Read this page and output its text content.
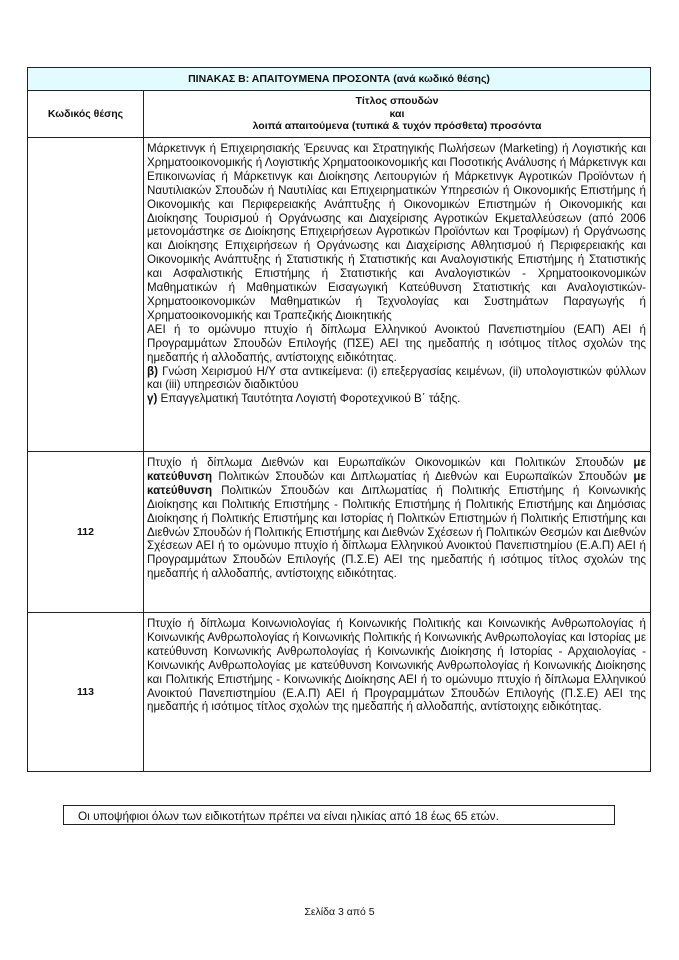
ΠΙΝΑΚΑΣ Β: ΑΠΑΙΤΟΥΜΕΝΑ ΠΡΟΣΟΝΤΑ (ανά κωδικό θέσης)	
Κωδικός θέσης	Τίτλος σπουδών
και
λοιπά απαιτούμενα (τυπικά & τυχόν πρόσθετα) προσόντα

	Μάρκετινγκ ή Επιχειρησιακής Έρευνας και Στρατηγικής Πωλήσεων (Marketing) ή Λογιστικής και Χρηματοοικονομικής ή Λογιστικής Χρηματοοικονομικής και Ποσοτικής Ανάλυσης ή Μάρκετινγκ και Επικοινωνίας ή Μάρκετινγκ και Διοίκησης Λειτουργιών ή Μάρκετινγκ Αγροτικών Προϊόντων ή Ναυτιλιακών Σπουδών ή Ναυτιλίας και Επιχειρηματικών Υπηρεσιών ή Οικονομικής Επιστήμης ή Οικονομικής και Περιφερειακής Ανάπτυξης ή Οικονομικών Επιστημών ή Οικονομικής και Διοίκησης Τουρισμού ή Οργάνωσης και Διαχείρισης Αγροτικών Εκμεταλλεύσεων (από 2006 μετονομάστηκε σε Διοίκησης Επιχειρήσεων Αγροτικών Προϊόντων και Τροφίμων) ή Οργάνωσης και Διοίκησης Επιχειρήσεων ή Οργάνωσης και Διαχείρισης Αθλητισμού ή Περιφερειακής και Οικονομικής Ανάπτυξης ή Στατιστικής ή Στατιστικής και Αναλογιστικής Επιστήμης ή Στατιστικής και Ασφαλιστικής Επιστήμης ή Στατιστικής και Αναλογιστικών - Χρηματοοικονομικών Μαθηματικών ή Μαθηματικών Εισαγωγική Κατεύθυνση Στατιστικής και Αναλογιστικών-Χρηματοοικονομικών Μαθηματικών ή Τεχνολογίας και Συστημάτων Παραγωγής ή Χρηματοοικονομικής και Τραπεζικής Διοικητικής

ΑΕΙ ή το ομώνυμο πτυχίο ή δίπλωμα Ελληνικού Ανοικτού Πανεπιστημίου (ΕΑΠ) ΑΕΙ ή Προγραμμάτων Σπουδών Επιλογής (ΠΣΕ) ΑΕΙ της ημεδαπής η ισότιμος τίτλος σχολών της ημεδαπής ή αλλοδαπής, αντίστοιχης ειδικότητας.

β) Γνώση Χειρισμού Η/Υ στα αντικείμενα: (i) επεξεργασίας κειμένων, (ii) υπολογιστικών φύλλων και (iii) υπηρεσιών διαδικτύου

γ) Επαγγελματική Ταυτότητα Λογιστή Φοροτεχνικού Β΄ τάξης.

112	Πτυχίο ή δίπλωμα Διεθνών και Ευρωπαϊκών Οικονομικών και Πολιτικών Σπουδών με κατεύθυνση Πολιτικών Σπουδών και Διπλωματίας ή Διεθνών και Ευρωπαϊκών Σπουδών με κατεύθυνση Πολιτικών Σπουδών και Διπλωματίας ή Πολιτικής Επιστήμης ή Κοινωνικής Διοίκησης και Πολιτικής Επιστήμης - Πολιτικής Επιστήμης ή Πολιτικής Επιστήμης και Δημόσιας Διοίκησης ή Πολιτικής Επιστήμης και Ιστορίας ή Πολιτκών Επιστημών ή Πολιτικής Επιστήμης και Διεθνών Σπουδών ή Πολιτικής Επιστήμης και Διεθνών Σχέσεων ή Πολιτικών Θεσμών και Διεθνών Σχέσεων ΑΕΙ ή το ομώνυμο πτυχίο ή δίπλωμα Ελληνικού Ανοικτού Πανεπιστημίου (Ε.Α.Π) ΑΕΙ ή Προγραμμάτων Σπουδών Επιλογής (Π.Σ.Ε) ΑΕΙ της ημεδαπής ή ισότιμος τίτλος σχολών της ημεδαπής ή αλλοδαπής, αντίστοιχης ειδικότητας.

113	Πτυχίο ή δίπλωμα Κοινωνιολογίας ή Κοινωνικής Πολιτικής και Κοινωνικής Ανθρωπολογίας ή Κοινωνικής Ανθρωπολογίας ή Κοινωνικής Πολιτικής ή Κοινωνικής Ανθρωπολογίας και Ιστορίας με κατεύθυνση Κοινωνικής Ανθρωπολογίας ή Κοινωνικής Διοίκησης ή Ιστορίας - Αρχαιολογίας - Κοινωνικής Ανθρωπολογίας με κατεύθυνση Κοινωνικής Ανθρωπολογίας ή Κοινωνικής Διοίκησης και Πολιτικής Επιστήμης - Κοινωνικής Διοίκησης ΑΕΙ ή το ομώνυμο πτυχίο ή δίπλωμα Ελληνικού Ανοικτού Πανεπιστημίου (Ε.Α.Π) ΑΕΙ ή Προγραμμάτων Σπουδών Επιλογής (Π.Σ.Ε) ΑΕΙ της ημεδαπής ή ισότιμος τίτλος σχολών της ημεδαπής ή αλλοδαπής, αντίστοιχης ειδικότητας.

Οι υποψήφιοι όλων των ειδικοτήτων πρέπει να είναι ηλικίας από 18 έως 65 ετών.
Σελίδα 3 από 5
